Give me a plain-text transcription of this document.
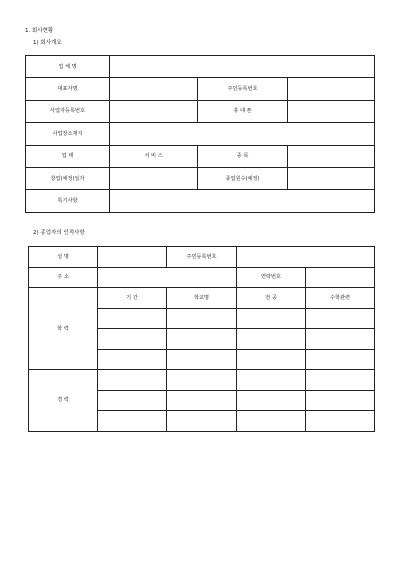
1. 회사현황
1) 회사개요
업 체 명			
대표자명		주민등록번호	
사업자등록번호		휴 대 폰	
사업장소재지			
업 태	서 비 스	종 목	
창업(예정)일자		종업원수(예정)	
특기사항			
2) 종업자의 인적사항
성 명		주민등록번호		
주 소			연락번호	
학 력	기 간	학교명	전 공	수학관련

경 력				
